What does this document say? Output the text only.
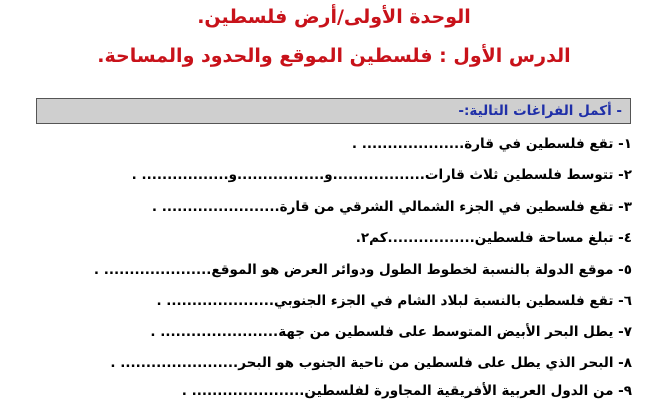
الوحدة الأولى/أرض فلسطين.
الدرس الأول : فلسطين الموقع والحدود والمساحة.
- أكمل الفراغات التالية:-
١- تقع فلسطين في قارة.................... .
٢- تتوسط فلسطين ثلاث قارات..................و.................و................. .
٣- تقع فلسطين في الجزء الشمالي الشرقي من قارة....................... .
٤- تبلغ مساحة فلسطين.................كم٢.
٥- موقع الدولة بالنسبة لخطوط الطول ودوائر العرض هو الموقع..................... .
٦- تقع فلسطين بالنسبة لبلاد الشام في الجزء الجنوبي..................... .
٧- يطل البحر الأبيض المتوسط على فلسطين من جهة....................... .
٨- البحر الذي يطل على فلسطين من ناحية الجنوب هو البحر....................... .
٩- من الدول العربية الأفريقية المجاورة لفلسطين...................... .
